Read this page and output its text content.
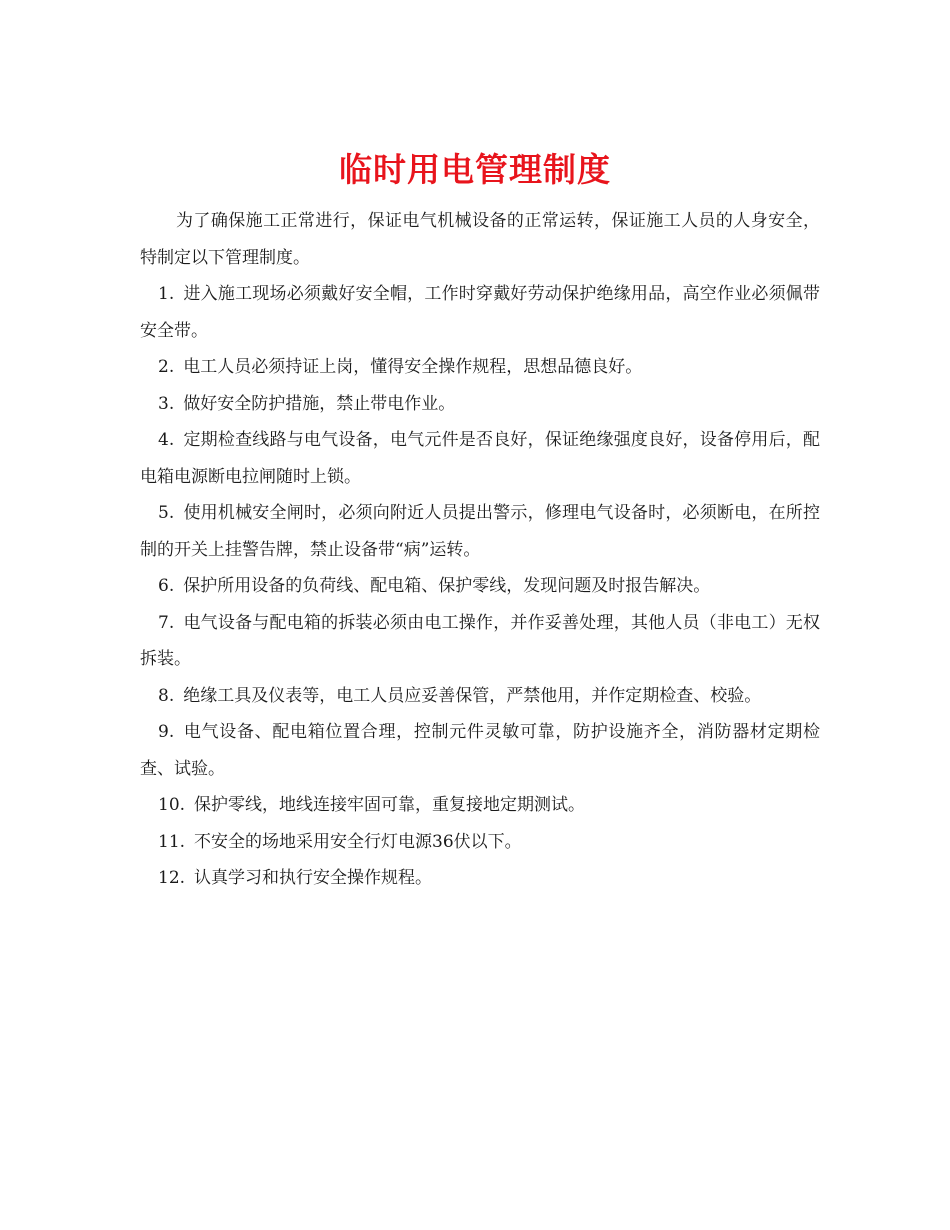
临时用电管理制度

为了确保施工正常进行，保证电气机械设备的正常运转，保证施工人员的人身安全，特制定以下管理制度。

1. 进入施工现场必须戴好安全帽，工作时穿戴好劳动保护绝缘用品，高空作业必须佩带安全带。

2. 电工人员必须持证上岗，懂得安全操作规程，思想品德良好。

3. 做好安全防护措施，禁止带电作业。

4. 定期检查线路与电气设备，电气元件是否良好，保证绝缘强度良好，设备停用后，配电箱电源断电拉闸随时上锁。

5. 使用机械安全闸时，必须向附近人员提出警示，修理电气设备时，必须断电，在所控制的开关上挂警告牌，禁止设备带“病”运转。

6. 保护所用设备的负荷线、配电箱、保护零线，发现问题及时报告解决。

7. 电气设备与配电箱的拆装必须由电工操作，并作妥善处理，其他人员（非电工）无权拆装。

8. 绝缘工具及仪表等，电工人员应妥善保管，严禁他用，并作定期检查、校验。

9. 电气设备、配电箱位置合理，控制元件灵敏可靠，防护设施齐全，消防器材定期检查、试验。

10. 保护零线，地线连接牢固可靠，重复接地定期测试。

11. 不安全的场地采用安全行灯电源36伏以下。

12. 认真学习和执行安全操作规程。
